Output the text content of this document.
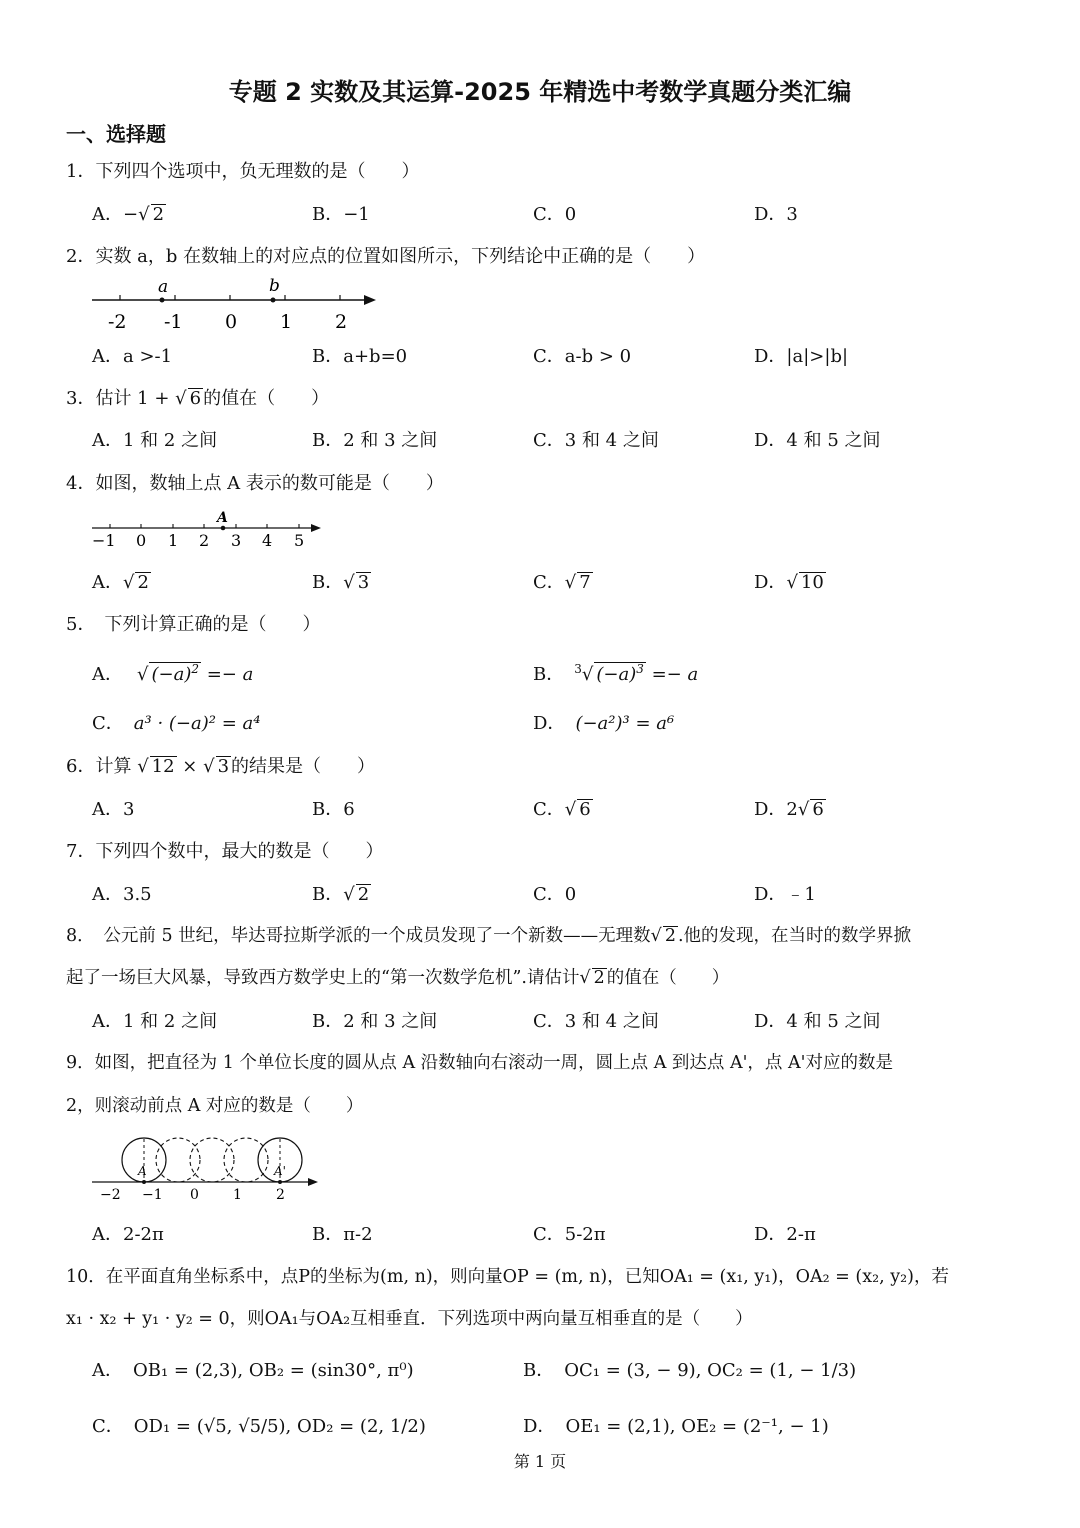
专题 2 实数及其运算-2025 年精选中考数学真题分类汇编
一、选择题
1．下列四个选项中，负无理数的是（　　）
A．−√ 2	B．−1	C．0	D．3
2．实数 a，b 在数轴上的对应点的位置如图所示，下列结论中正确的是（　　）
a	b
-2 -1 0 1 2
A．a >-1	B．a+b=0	C．a-b > 0	D．|a|>|b|
3．估计 1 + √ 6 的值在（　　）
A．1 和 2 之间	B．2 和 3 之间	C．3 和 4 之间	D．4 和 5 之间
4．如图，数轴上点 A 表示的数可能是（　　）
A
−1 0 1 2 3 4 5
A．√ 2	B．√ 3	C．√ 7	D．√ 10
5．　下列计算正确的是（　　）
A． √ $(-a)^2 =- a$	B． $^3$√ $(-a)^3 =- a$
C． a³ · (−a)² = a⁴	D． (−a²)³ = a⁶
6．计算 √ 12 × √ 3 的结果是（　　）
A．3	B．6	C．√ 6	D．2√ 6
7．下列四个数中，最大的数是（　　）
A．3.5	B．√ 2	C．0	D．﹣1
8．　公元前 5 世纪，毕达哥拉斯学派的一个成员发现了一个新数——无理数√ 2 .他的发现，在当时的数学界掀
起了一场巨大风暴，导致西方数学史上的“第一次数学危机”.请估计√ 2 的值在（　　）
A．1 和 2 之间	B．2 和 3 之间	C．3 和 4 之间	D．4 和 5 之间
9．如图，把直径为 1 个单位长度的圆从点 A 沿数轴向右滚动一周，圆上点 A 到达点 A'，点 A'对应的数是
2，则滚动前点 A 对应的数是（　　）
A	A'
−2 −1 0 1 2
A．2-2π	B．π-2	C．5-2π	D．2-π
10．在平面直角坐标系中，点P的坐标为(m, n)，则向量OP = (m, n)，已知OA₁ = (x₁, y₁)，OA₂ = (x₂, y₂)，若
x₁ · x₂ + y₁ · y₂ = 0，则OA₁与OA₂互相垂直．下列选项中两向量互相垂直的是（　　）
A． OB₁ = (2,3), OB₂ = (sin30°, π⁰)	B． OC₁ = (3, − 9), OC₂ = (1, − 1/3)
C． OD₁ = (√5, √5/5), OD₂ = (2, 1/2)	D． OE₁ = (2,1), OE₂ = (2⁻¹, − 1)
第 1 页
